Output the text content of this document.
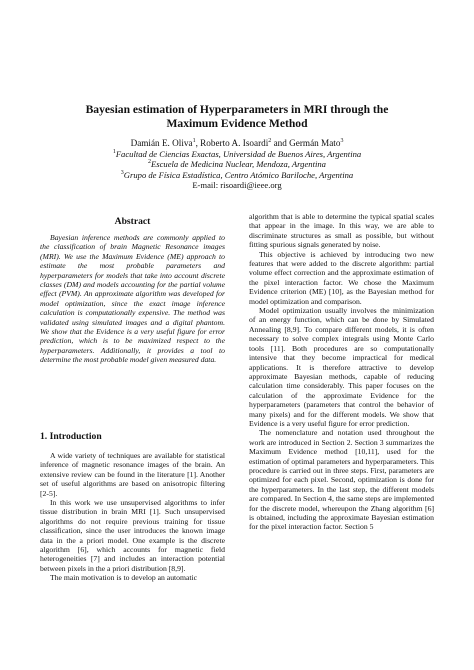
Bayesian estimation of Hyperparameters in MRI through the Maximum Evidence Method
Damián E. Oliva$^1$, Roberto A. Isoardi$^2$ and Germán Mato$^3$
$^1$Facultad de Ciencias Exactas, Universidad de Buenos Aires, Argentina
$^2$Escuela de Medicina Nuclear, Mendoza, Argentina
$^3$Grupo de Física Estadística, Centro Atómico Bariloche, Argentina
E-mail: risoardi@ieee.org
Abstract

Bayesian inference methods are commonly applied to the classification of brain Magnetic Resonance images (MRI). We use the Maximum Evidence (ME) approach to estimate the most probable parameters and hyperparameters for models that take into account discrete classes (DM) and models accounting for the partial volume effect (PVM). An approximate algorithm was developed for model optimization, since the exact image inference calculation is computationally expensive. The method was validated using simulated images and a digital phantom. We show that the Evidence is a very useful figure for error prediction, which is to be maximized respect to the hyperparameters. Additionally, it provides a tool to determine the most probable model given measured data.

1. Introduction

A wide variety of techniques are available for statistical inference of magnetic resonance images of the brain. An extensive review can be found in the literature [1]. Another set of useful algorithms are based on anisotropic filtering [2-5].

In this work we use unsupervised algorithms to infer tissue distribution in brain MRI [1]. Such unsupervised algorithms do not require previous training for tissue classification, since the user introduces the known image data in the a priori model. One example is the discrete algorithm [6], which accounts for magnetic field heterogeneities [7] and includes an interaction potential between pixels in the a priori distribution [8,9].

The main motivation is to develop an automatic

algorithm that is able to determine the typical spatial scales that appear in the image. In this way, we are able to discriminate structures as small as possible, but without fitting spurious signals generated by noise.

This objective is achieved by introducing two new features that were added to the discrete algorithm: partial volume effect correction and the approximate estimation of the pixel interaction factor. We chose the Maximum Evidence criterion (ME) [10], as the Bayesian method for model optimization and comparison.

Model optimization usually involves the minimization of an energy function, which can be done by Simulated Annealing [8,9]. To compare different models, it is often necessary to solve complex integrals using Monte Carlo tools [11]. Both procedures are so computationally intensive that they become impractical for medical applications. It is therefore attractive to develop approximate Bayesian methods, capable of reducing calculation time considerably. This paper focuses on the calculation of the approximate Evidence for the hyperparameters (parameters that control the behavior of many pixels) and for the different models. We show that Evidence is a very useful figure for error prediction.

The nomenclature and notation used throughout the work are introduced in Section 2. Section 3 summarizes the Maximum Evidence method [10,11], used for the estimation of optimal parameters and hyperparameters. This procedure is carried out in three steps. First, parameters are optimized for each pixel. Second, optimization is done for the hyperparameters. In the last step, the different models are compared. In Section 4, the same steps are implemented for the discrete model, whereupon the Zhang algorithm [6] is obtained, including the approximate Bayesian estimation for the pixel interaction factor. Section 5
